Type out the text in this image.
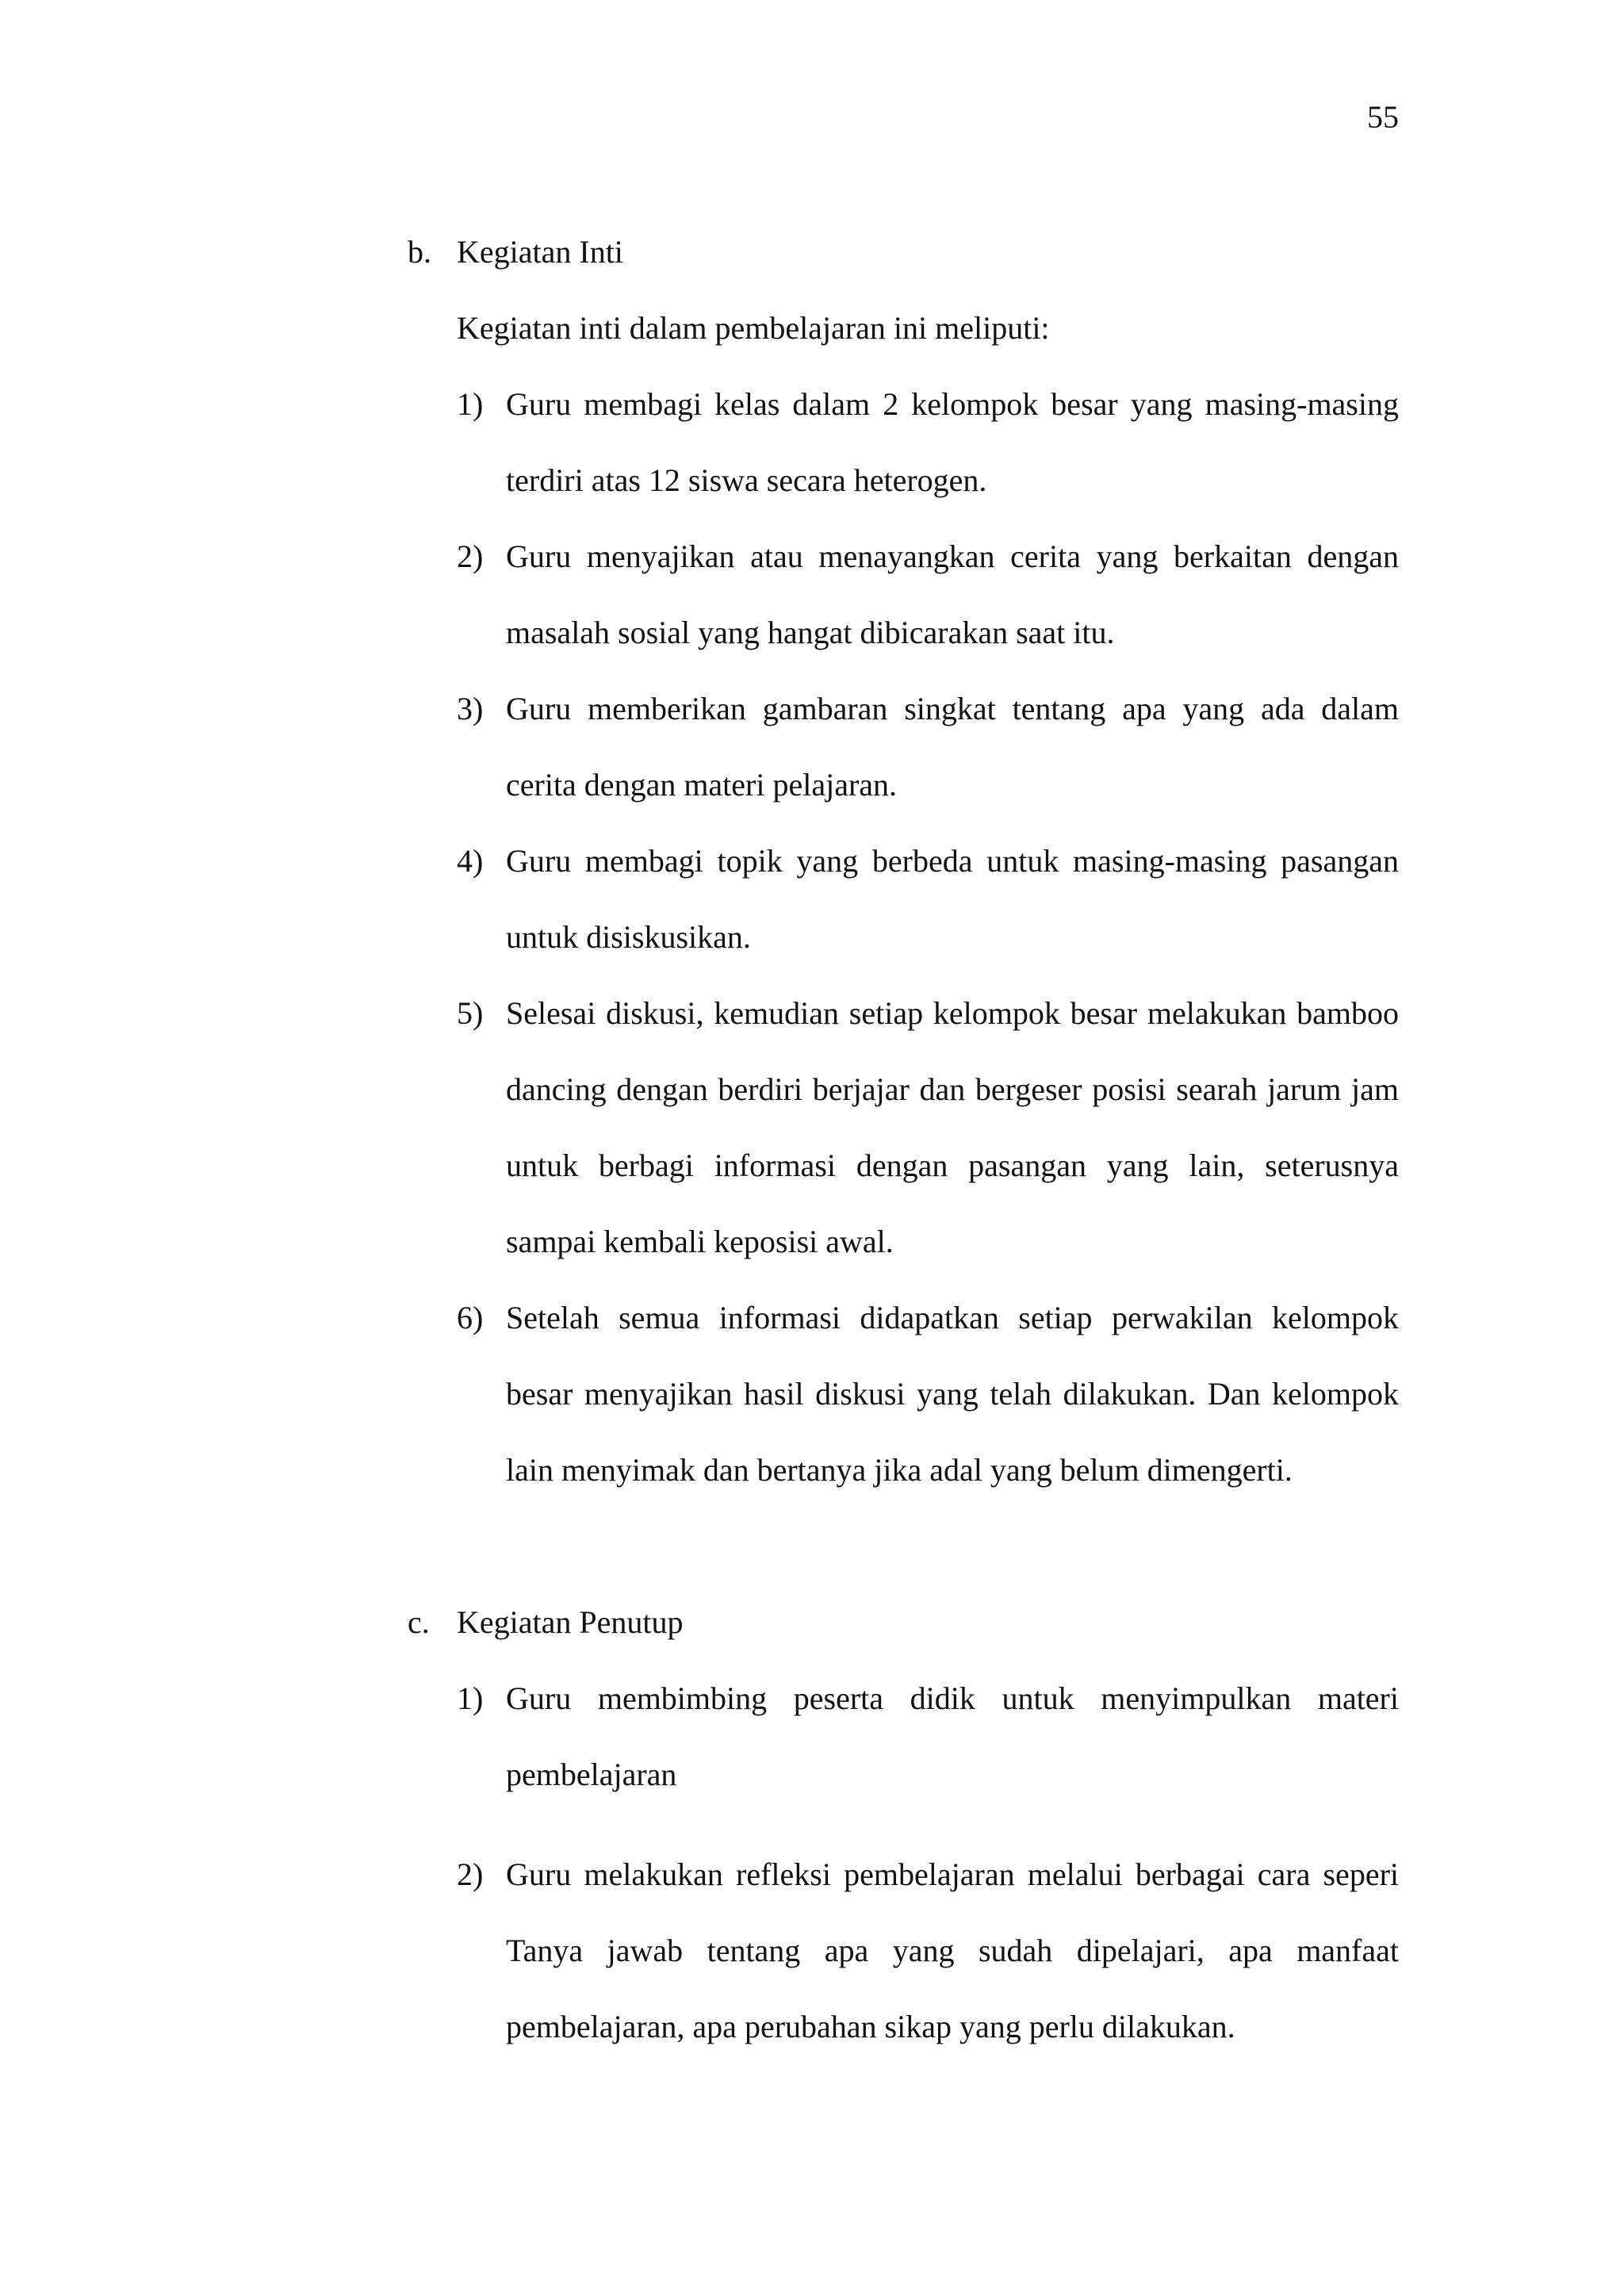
55
b. Kegiatan Inti
Kegiatan inti dalam pembelajaran ini meliputi:
1) Guru membagi kelas dalam 2 kelompok besar yang masing-masing terdiri atas 12 siswa secara heterogen.
2) Guru menyajikan atau menayangkan cerita yang berkaitan dengan masalah sosial yang hangat dibicarakan saat itu.
3) Guru memberikan gambaran singkat tentang apa yang ada dalam cerita dengan materi pelajaran.
4) Guru membagi topik yang berbeda untuk masing-masing pasangan untuk disiskusikan.
5) Selesai diskusi, kemudian setiap kelompok besar melakukan bamboo dancing dengan berdiri berjajar dan bergeser posisi searah jarum jam untuk berbagi informasi dengan pasangan yang lain, seterusnya sampai kembali keposisi awal.
6) Setelah semua informasi didapatkan setiap perwakilan kelompok besar menyajikan hasil diskusi yang telah dilakukan. Dan kelompok lain menyimak dan bertanya jika adal yang belum dimengerti.
c. Kegiatan Penutup
1) Guru membimbing peserta didik untuk menyimpulkan materi pembelajaran
2) Guru melakukan refleksi pembelajaran melalui berbagai cara seperi Tanya jawab tentang apa yang sudah dipelajari, apa manfaat pembelajaran, apa perubahan sikap yang perlu dilakukan.
